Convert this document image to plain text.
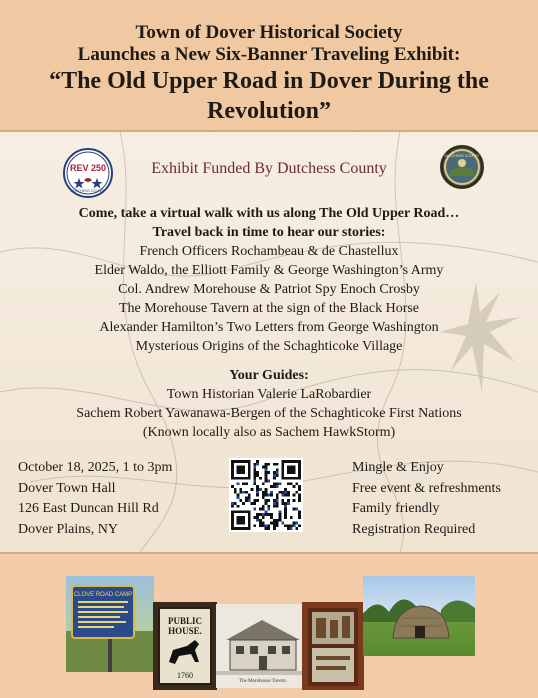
Town of Dover Historical Society
Launches a New Six-Banner Traveling Exhibit:
“The Old Upper Road in Dover During the Revolution”
REV 250
DUTCHESS COUNTY
DUTCHESS COUNTY
Exhibit Funded By Dutchess County
Come, take a virtual walk with us along The Old Upper Road…
Travel back in time to hear our stories:
French Officers Rochambeau & de Chastellux
Elder Waldo, the Elliott Family & George Washington’s Army
Col. Andrew Morehouse & Patriot Spy Enoch Crosby
The Morehouse Tavern at the sign of the Black Horse
Alexander Hamilton’s Two Letters from George Washington
Mysterious Origins of the Schaghticoke Village
Your Guides:
Town Historian Valerie LaRobardier
Sachem Robert Yawanawa-Bergen of the Schaghticoke First Nations
(Known locally also as Sachem HawkStorm)
October 18, 2025, 1 to 3pm
Dover Town Hall
126 East Duncan Hill Rd
Dover Plains, NY
Mingle & Enjoy
Free event & refreshments
Family friendly
Registration Required
CLOVE ROAD CAMP
PUBLIC
HOUSE.
1760
The Morehouse Tavern.
